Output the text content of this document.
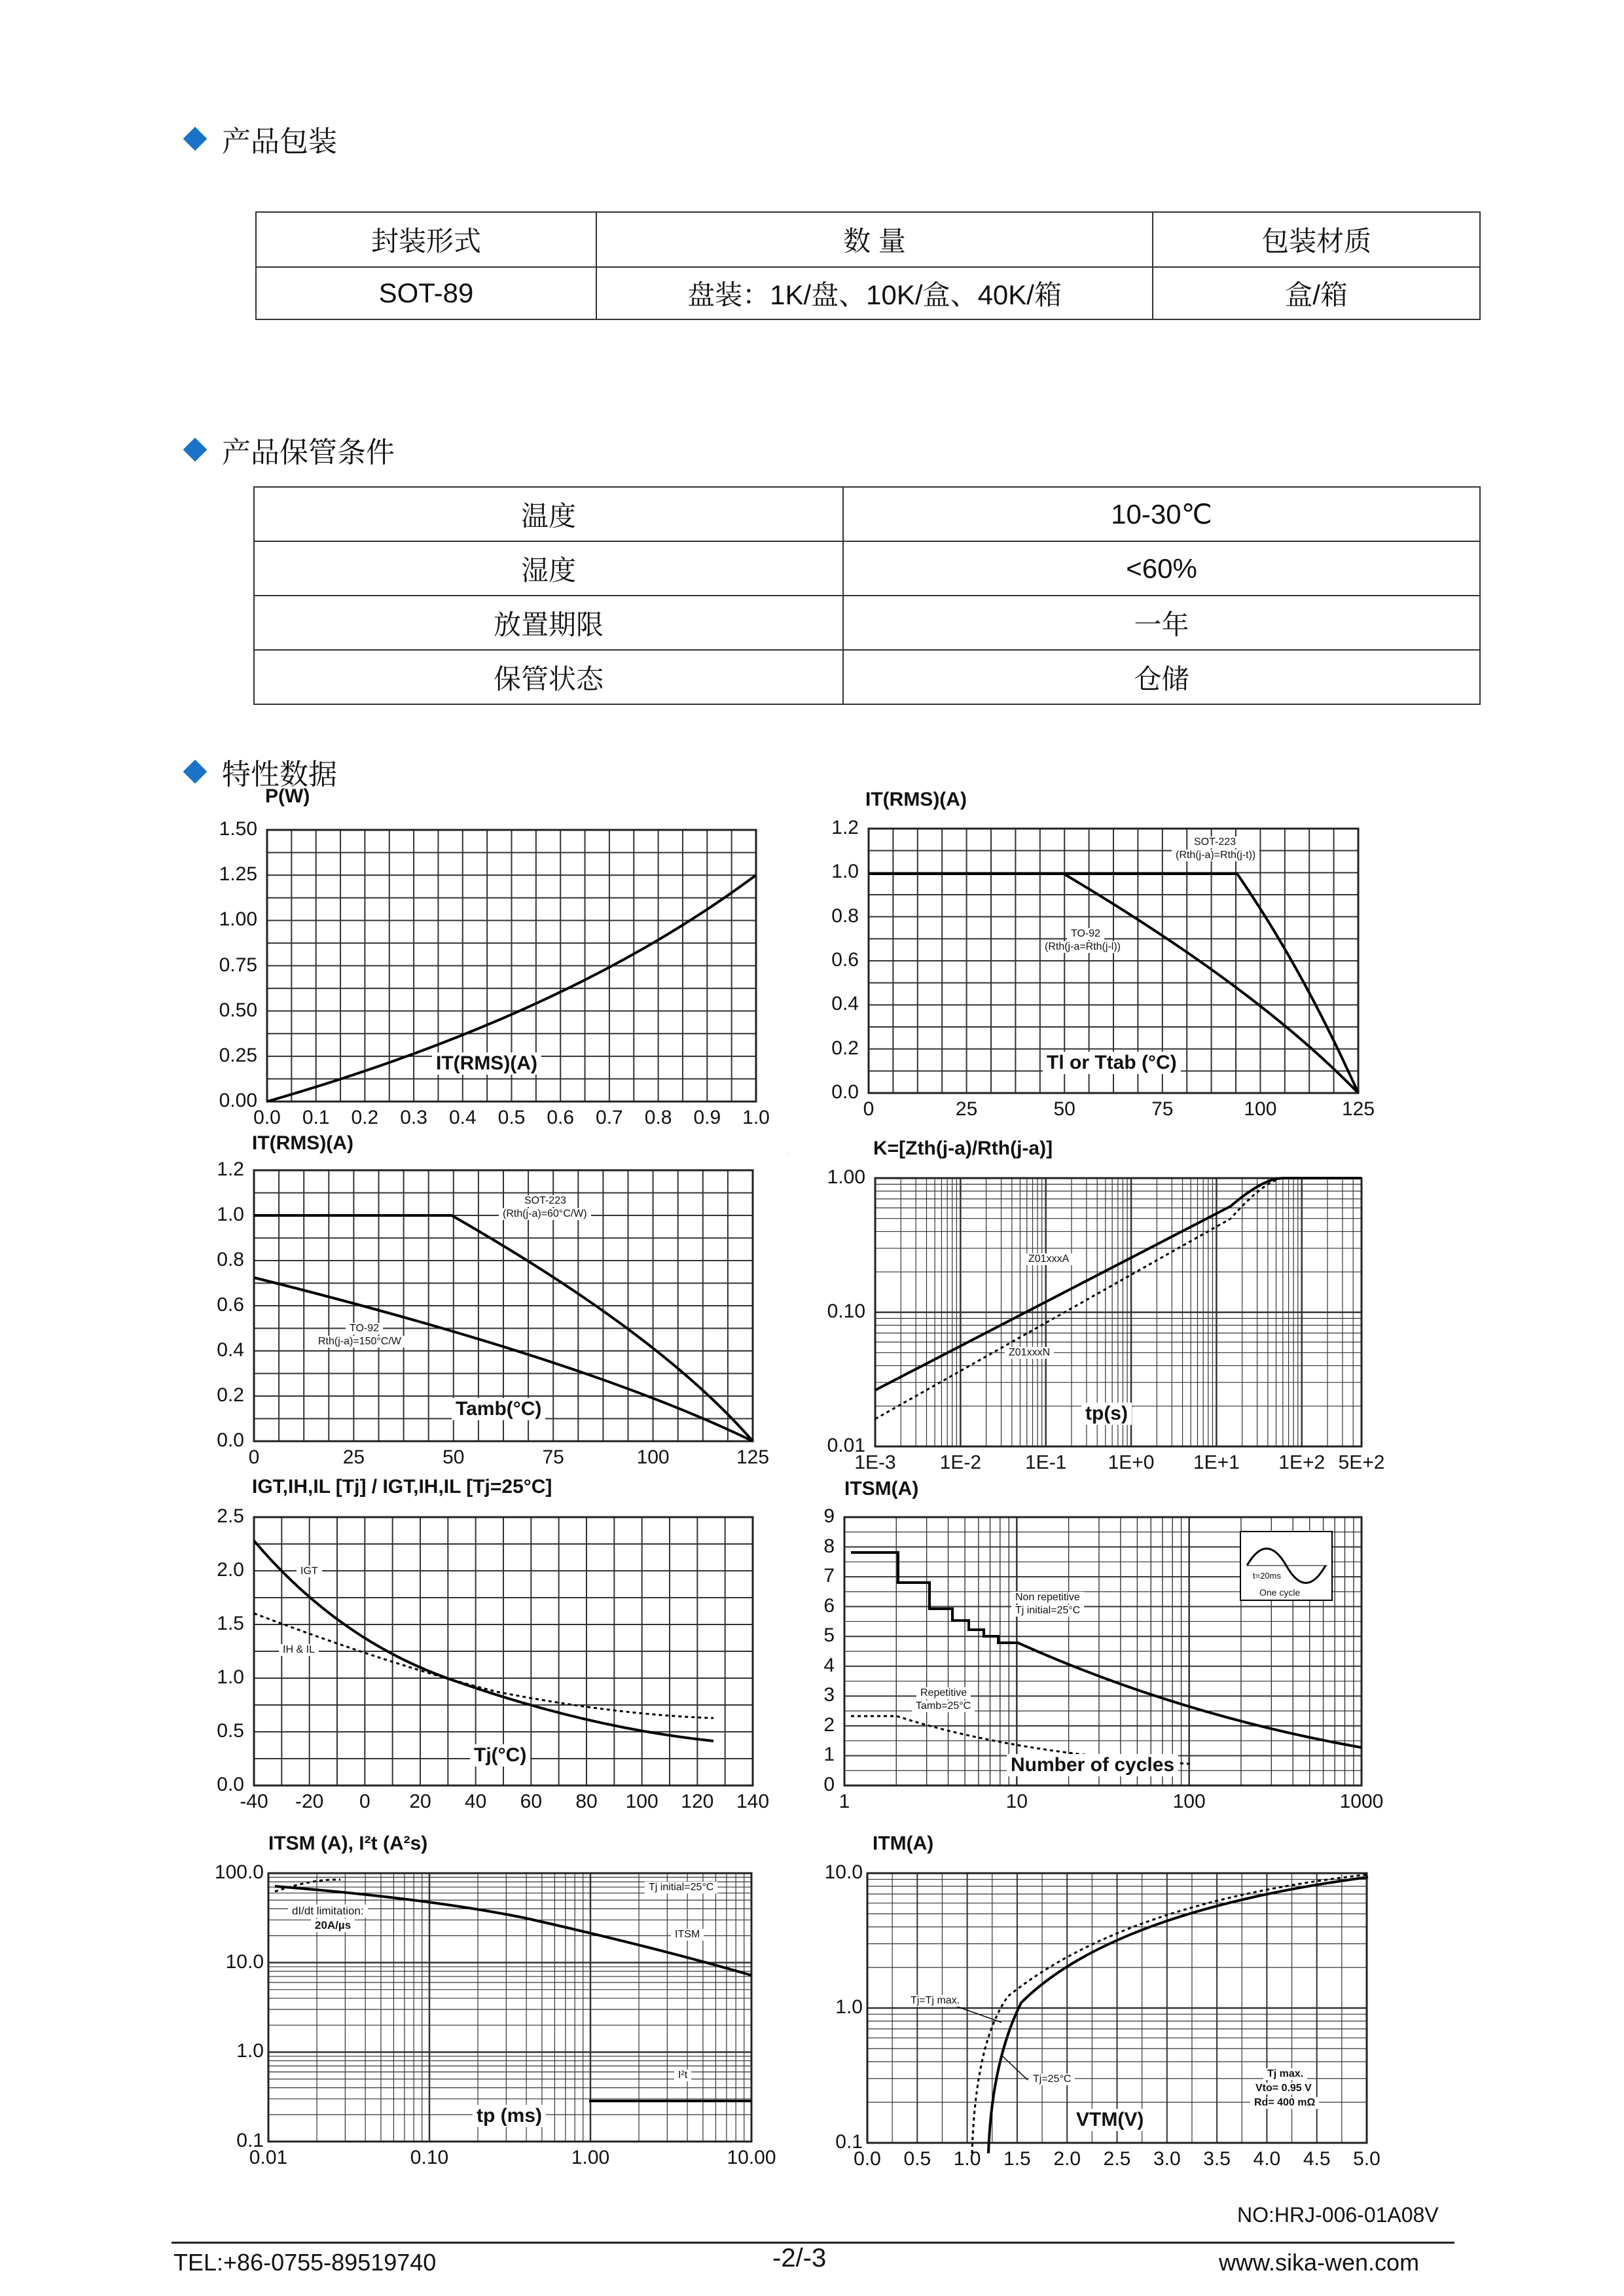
产品包装
封装形式	数 量	包装材质
SOT-89	盘装：1K/盘、10K/盒、40K/箱	盒/箱
产品保管条件
温度	10-30℃
湿度	<60%
放置期限	一年
保管状态	仓储
特性数据
P(W)
1.50
1.25
1.00
0.75
0.50
0.25
0.00
0.0 0.1 0.2 0.3 0.4 0.5 0.6 0.7 0.8 0.9 1.0
IT(RMS)(A)
IT(RMS)(A)
1.2
1.0
0.8
0.6
0.4
0.2
0.0
0	25	50	75	100	125
Tl or Ttab (°C)
SOT-223
(Rth(j-a)=Rth(j-t))
TO-92
(Rth(j-a=Rth(j-l))
IT(RMS)(A)
1.2
1.0
0.8
0.6
0.4
0.2
0.0
0	25	50	75	100	125
Tamb(°C)
SOT-223
(Rth(j-a)=60°C/W)
TO-92
Rth(j-a)=150°C/W
K=[Zth(j-a)/Rth(j-a)]
1.00
0.10
0.01
1E-3 1E-2 1E-1 1E+0 1E+1 1E+2 5E+2
tp(s)
Z01xxxA
Z01xxxN
IGT,IH,IL [Tj] / IGT,IH,IL [Tj=25°C]
2.5
2.0
1.5
1.0
0.5
0.0
-40 -20 0 20 40 60 80 100 120 140
Tj(°C)
IGT
IH & IL
ITSM(A)
9
8
7
6
5
4
3
2
1
0
1	10	100	1000
Number of cycles
Non repetitive
Tj initial=25°C
Repetitive
Tamb=25°C
t=20ms
One cycle
ITSM (A), I²t (A²s)
100.0
10.0
1.0
0.1
0.01	0.10	1.00	10.00
tp (ms)
dI/dt limitation:
20A/µs
Tj initial=25°C
ITSM
I²t
ITM(A)
10.0
1.0
0.1
0.0 0.5 1.0 1.5 2.0 2.5 3.0 3.5 4.0 4.5 5.0
VTM(V)
Tj=Tj max.
Tj=25°C	Tj max.
Vto= 0.95 V
Rd= 400 mΩ
·
NO:HRJ-006-01A08V
TEL:+86-0755-89519740	-2/-3	www.sika-wen.com
